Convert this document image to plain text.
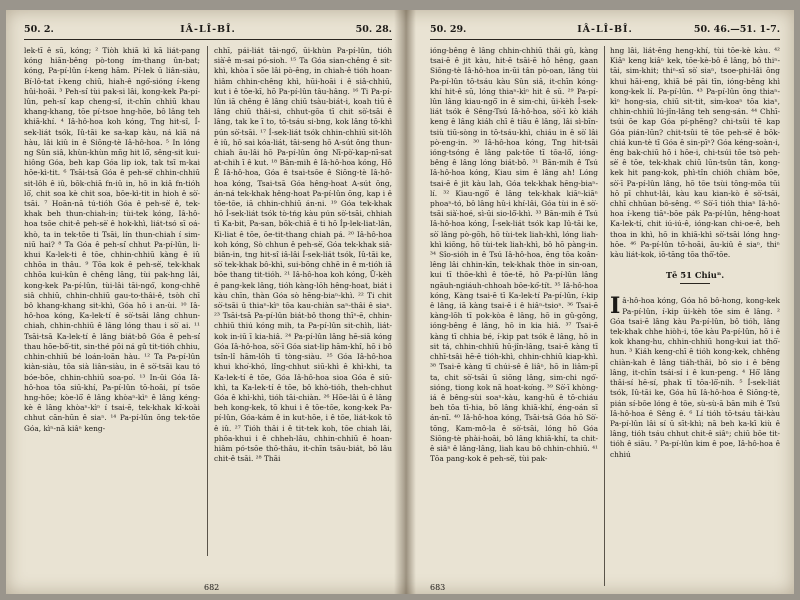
50. 2.	IÂ-LÎ-BÎ.	50. 28.

lek-tī ê sū, kóng; ² Tiòh khiā kì kā liát-pang kóng hiān-bêng pò-tong ím-thang ûn-bat; kóng, Pa-pí-lûn í-keng hām. Pí-lek ū liân-siàu, Bí-lô-tat í-keng chiū, hiah-ê ngó͘-sióng í-keng hûi-hoāi. ³ Peh-sí͘ tùi pak-si lâi, kong-kek Pa-pí-lûn, peh-sí͘ kap cheng-si͘, it-chīn chhiū khau khang-khang, tōe pí-tsoe hng-hōe, bô lâng teh khiā-khí. ⁴ Iâ-hô-hoa koh kóng, Tng hit-sî, Í-sek-liát tsók, Iû-tāi ke sa-kap kàu, ná kiā ná hàu, lâi kiû in ê Siōng-tè Iâ-hô-hoa. ⁵ In lóng ng Sûn siâ, khùn-khùn mñg hit lō͘, sêng-sit kui-hiông Góa, beh kap Góa lip iok, tak tsī m-kai hōe-kì-tit. ⁶ Tsāi-tsā Góa ê peh-sè͘ chhin-chhiū sit-lôh ê iû, bōk-chiā fn-iû in, hō in kiâ fn-tióh lō͘, chit soa kè chit soa, bōe-kì-tit in hioh ê sò͘-tsāi. ⁷ Hoān-nā tú-tióh Góa ê peh-sè͘ ê, tek-khak beh thun-chiah-in; tùi-tek kóng, Iâ-hô-hoa tsōe chit-ê peh-sè͘ ê hok-khì, liát-tsó sī oá-khò, ta in tek-tōe ti Tsāi, lín thun-chiah í sim-niū hai? ⁸ Ta Góa ê peh-sí͘ chhut Pa-pí-lûn, li-khui Ka-lek-ti ê tōe, chhin-chhiū kàng ê iû chhōa in thâu. ⁹ Tōa kok ê peh-sè͘, tek-khak chhōa kui-kûn ê chêng lâng, tùi pak-hng lâi, kong-kek Pa-pí-lûn, tùi-lâi tāi-ngó͘, kong-chhē siâ chhiū, chhin-chhiū gau-to-thâi-ê, tsòh chī bô khang-khang sit-khì, Góa hō i an-ùi. ¹⁰ Iâ-hô-hoa kóng, Ka-lek-tí ê sò͘-tsāi lâng chhun-chiah, chhin-chhiū ê lâng lóng thau i sò͘ ai. ¹¹ Tsāi-tsā Ka-lek-tí ê lâng biát-bô Góa ê peh-sí͘ thau hōe-bô͘-tit, sin-thé pōi ná gû tit-tióh chhiu, chhin-chhiū bé loán-loān hàu. ¹² Ta Pa-pí-lûn kiàn-siàu, tōa sià liân-siàu, in ê sò͘-tsāi kau tó bóe-bōe, chhin-chhiū soa-po͘. ¹³ In-ūi Góa Iâ-hô-hoa tōa siū-khí, Pa-pí-lûn tō-hoāi, pí tsōe hng-hōe; kòe-lō͘ ê lâng khòaⁿ-kìⁿ ê lâng kéng-kè ê lâng khòaⁿ-kìⁿ í tsai-ē, tek-khak kî-koài chhut cān-hūn ê siaⁿ. ¹⁴ Pa-pí-lûn ōng tek-tōe Góa, kìⁿ-nā kiâⁿ keng-

chhī, pái-liát tāi-ngó͘, ūi-khùn Pa-pí-lûn, tióh sià͘-ê m-sai pó-sioh. ¹⁵ Ta Góa sian-chêng ê sit-khì, khòa ī sōe lâi pò-êng, in chiah-ê tióh hoan-hiâm chhin-chêng khì, hūi-hoāi i ê siâ-chhiū, kut i ê tōe-kī, hō Pa-pí-lûn tâu-hâng. ¹⁶ Ti Pa-pí-lûn iā chêng ê lâng chiū tsàu-biát-i, koah tiū ê lâng chiū thâi-si, chhut-gōa tī chit sò͘-tsāi ê lâng, tak ke ī to, tō-tsáu si-bng, kok lâng tō-khì pún sò͘-tsāi. ¹⁷ Í-sek-liát tsók chhin-chhiū sit-lôh ê iû, hō sai kóa-liát, tāi-seng hō A-sút ōng thun-chiah āu-lâi hō Pa-pí-lûn ōng Nī-pò͘-kap-nī-sat at-chih ī ê kut. ¹⁸ Bān-mih ê Iâ-hô-hoa kóng, Hō Ê Iâ-hô-hoa, Góa ê tsai-tsōe ê Siōng-tè Iâ-hô-hoa kóng, Tsai-tsā Góa hêng-hoat A-sút ōng, án-ná tek-khak hêng-hoat Pa-pí-lûn ōng, kap i ê tōe-tōe, iā chhin-chhiū án-ni. ¹⁹ Góa tek-khak hō Í-sek-liát tsók tò-tńg kàu pún sò͘-tsāi, chhiah tī Ka-bit, Pa-san, bōk-chiā ē ti hō Íp-lek-liat-lân, Ki-liat ê tōe, ōe-tit-thang chiah pá. ²⁰ Iâ-hô-hoa koh kóng, Sò chhun ê peh-sè͘, Góa tek-khak siâ-biân-in, tng hit-sî iâ-lâi Í-sek-liát tsók, Iû-tāi ke, sò͘ tek-khak bô-khì, sui-bōng chhē in ê m-tióh iā bōe thang tit-tióh. ²¹ Iâ-hô-hoa koh kóng, Ū-kèh ê pang-kek lâng, tióh kàng-lōh hêng-hoat, biát i kàu chīn, thàn Góa sò hēng-biaⁿ-khì. ²² Ti chit sò͘-tsāi ū thiaⁿ-kìⁿ tōa kau-chiàn saⁿ-thâi ê siaⁿ. ²³ Tsāi-tsā Pa-pí-lûn biát-bô thong thīⁿ-ē, chhin-chhiū thiú kóng mih, ta Pa-pí-lûn sit-chìh, liát-kok in-iū ī kia-hiâ. ²⁴ Pa-pí-lûn lâng hē-siā kóng Góa Iâ-hô-hoa, sò͘-ī Góa siat-lip hām-khî, hō i bô tsîn-lî hām-lōh tī tòng-siàu. ²⁵ Góa Iâ-hô-hoa khui kho͘-khó, lîng-chhut siū-khì ê khì-khi, ta Ka-lek-tí ê tōe, Góa Iâ-hô-hoa sioa Góa ê siū-khì, ta Ka-lek-tí ê tōe, bô khò-tióh, theh-chhut Góa ê khì-khì, tióh tāi-chiàn. ²⁶ Hōe-lâi ū ê lâng beh kong-kek, tō khui i ê tōe-tōe, kong-kek Pa-pí-lûn, Góa-kám ê in kut-hōe, i ê tōe, liát-kok tō ê iû. ²⁷ Tióh thâi i ê tit-tek koh, tōe chiah lâi, phōa-khui i ê chheh-lâu, chhin-chhiū ê hoan-hiâm pó-tsōe thō-thâu, it-chīn tsāu-biát, bō lâu chit-ê tsāi. ²⁸ Thāi

682
50. 29.	IÂ-LÎ-BÎ.	50. 46.—51. 1-7.

ióng-bêng ê lâng chhin-chhiū thâi gû, kàng tsai-ē ê jit kàu, hit-ē tsāi-ē hō hêng, gaan Siōng-tè Iâ-hô-hoa in-ūi tân pò-oan, lâng tùi Pa-pí-lûn tō-tsáu kàu Sûn siâ, it-chīn kóng-khí hit-ê sū, lóng thiaⁿ-kìⁿ hit ê sū. ²⁹ Pa-pí-lûn lâng kiau-ngō͘ in ê sim-chi, ūi-kèh Í-sek-liát tsók ê Sêng-Tsú Iâ-hô-hoa, sò͘-ī kò kiáh keng ê lâng kiáh chī ê tiāu ê lâng, lâi sì-bīn-tsiù tiū-sòng in tō-tsáu-khì, chiáu in ê sò͘ lâi pò-eng-in. ³⁰ Iâ-hô-hoa kóng, Tng hit-tsāi ióng-tsóng ê lâng pak-tōe tī tōa-lō͘, ióng-bêng ê lâng lóng biát-bô. ³¹ Bān-mih ê Tsú Iâ-hô-hoa kóng, Kiau sim ê lâng ah! Lóng tsai-ē ê jit kàu lah, Góa tek-khak hēng-biaⁿ-lí. ³² Kiau-ngō͘ ê lâng tek-khak kiāⁿ-kiāⁿ phoaⁿ-tó, bô lâng hû-i khí-lâi, Góa tùi in ê sò͘-tsāi sià͘-hoé, sì-ūi sio-lō͘-khì. ³³ Bān-mih ê Tsú Iâ-hô-hoa kóng, Í-sek-liát tsók kap Iû-tāi ke, sò͘ lâng pò-gōh, hō tùi-tek liah-khì, lóng liah-khì kiōng, hō tùi-tek liah-khì, bô hō pàng-in. ³⁴ Sîo-sióh in ê Tsú Iâ-hô-hoa, ēng tōa koân-lêng lâi chhin-kīn, tek-khak thòe in sin-oan, kui tī thōe-khì ê tōe-tē, hō Pa-pí-lûn lâng ngāuh-ngiáuh-chhoah bōe-kó͘-tít. ³⁵ Iâ-hô-hoa kóng, Kàng tsai-ē tī Ka-lek-tí Pa-pí-lûn, í-kip ê lâng, iā kàng tsai-ē i ê hiâⁿ-tsioⁿ. ³⁶ Tsai-ē kàng-lōh tī pok-kòa ê lâng, hō in gû-gōng, ióng-bêng ê lâng, hō in kia hiâ. ³⁷ Tsai-ē kàng tī chhia bé, í-kip pat tsók ê lâng, hō in sit tá, chhin-chhiū hū-jîn-lâng, tsai-ē kàng tī chhī-tsâi hē-ē tióh-khì, chhin-chhiū kiap-khì. ³⁸ Tsai-ē kàng tī chúi-sê ê liâⁿ, hō in liâm-pī ta, chit sò͘-tsāi ū siōng lâng, sim-chi ngó͘-sióng, tiong kok nā hoat-ko͘ng. ³⁹ Sò͘-ī khòng-iá ê bêng-sùi soaⁿ-kàu, kang-hū ê tō-chiáu beh tōa tī-hia, bō lâng khiā-khí, éng-oán sī án-nī. ⁴⁰ Iâ-hô-hoa kóng, Tsāi-tsā Góa hō Sò͘-tōng, Kam-mô-la ê sò͘-tsāi, lóng hō Góa Siōng-tè phài-hoāi, bô lâng khiā-khí, ta chit-ê siâⁿ ê lâng-lâng, liah kau bô chhin-chhiū. ⁴¹ Tōa pang-kok ê peh-sè͘, tùi pak-

hng lâi, liát-ēng heng-khí, tùi tōe-kè kàu. ⁴² Kiâⁿ keng kiâⁿ kek, tōe-kè-bô ê lâng, bô thiⁿ-tāi, sim-khit; thiⁿ-sī sò͘ siaⁿ, tsoe-phi-lâi ōng khui hāi-eng, khiā bé pāi tīn, ióng-bêng khì kong-kek lí. Pa-pí-lûn. ⁴³ Pa-pí-lûn ōng thiaⁿ-kìⁿ hong-sia, chiū sit-tit, sim-koaⁿ tōa kiaⁿ, chhin-chhiū lú-jîn-lâng teh seng-sán. ⁴⁴ Chhī-tsúi ōe kap Góa pí-phēng? chi-tsûi tē kap Góa pián-lūn? chit-tsûi tē tōe peh-sè͘ ê bōk-chiá kun-tè tī Góa ê sin-pīⁿ? Góa kéng-soàn-i, êng bak-chiū hō i hōe-i, chi-tsúi tōe tsò peh-sè͘ ê tōe, tek-khak chiū lūn-tsûn tân, kong-kek hit pang-kok, phì-tîn chióh chiàm bōe, sò͘-ī Pa-pí-lûn lâng, hō tōe tsùi tōng-mōa tūi hō pī chhut-lâi, kàu kau kian-kò ê sò͘-tsāi, chhī chhūan bô-sêng. ⁴⁵ Sò͘-ī tióh thiaⁿ Iâ-hô-hoa í-keng tiāⁿ-bōe pák Pa-pí-lûn, hêng-hoat Ka-lek-tí, chit iú-iú-ê, ióng-kan chi-oe-ē, beh thoa in khì, hō in khiā-khì sò͘-tsāi lóng hng-hōe. ⁴⁶ Pa-pí-lûn tō-hoāi, āu-kiû ê siaⁿ, thiⁿ kàu liát-kok, iō-tāng tōa thō͘-tōe.

Tē 51 Chiuⁿ.

Iâ-hô-hoa kóng, Góa hō bô-hong, kong-kek Pa-pí-lûn, í-kip ūi-kèh tōe sim ê lâng. ² Góa tsai-ē lâng kàu Pa-pí-lûn, bô tióh, lâng tek-khak chhe hiòh-i, tōe kàu Pa-pí-lûn, hō i ê kok khang-hu, chhin-chhiū hong-kui iat thō͘-hun. ³ Kiáh keng-chī ê tióh kong-kek, chhêng chiàn-kah ê lâng tiáh-thâi, bô sio i ê bêng lâng, it-chīn tsái-sí i ê kun-peng. ⁴ Hō͘ lâng thâi-sí hē-sí, phak tī tōa-lō͘-nih. ⁵ Í-sek-liát tsók, Iû-tāi ke, Góa hū Iâ-hô-hoa ê Siōng-tè, pián sí-bōe lóng ê tōe, sù-sù-ā bān mih ê Tsú Iâ-hô-hoa ê Sêng ê. ⁶ Lí tióh tō-tsáu tāi-kàu Pa-pí-lûn lâi sí ū sīt-khì; nā beh ka-kī kiù ê lâng, tióh tsáu chhut chit-ê siâⁿ; chiū bōe tit-tióh ê siāu. ⁷ Pa-pí-lûn kim ê poe, Iâ-hô-hoa ê chhiú

683
